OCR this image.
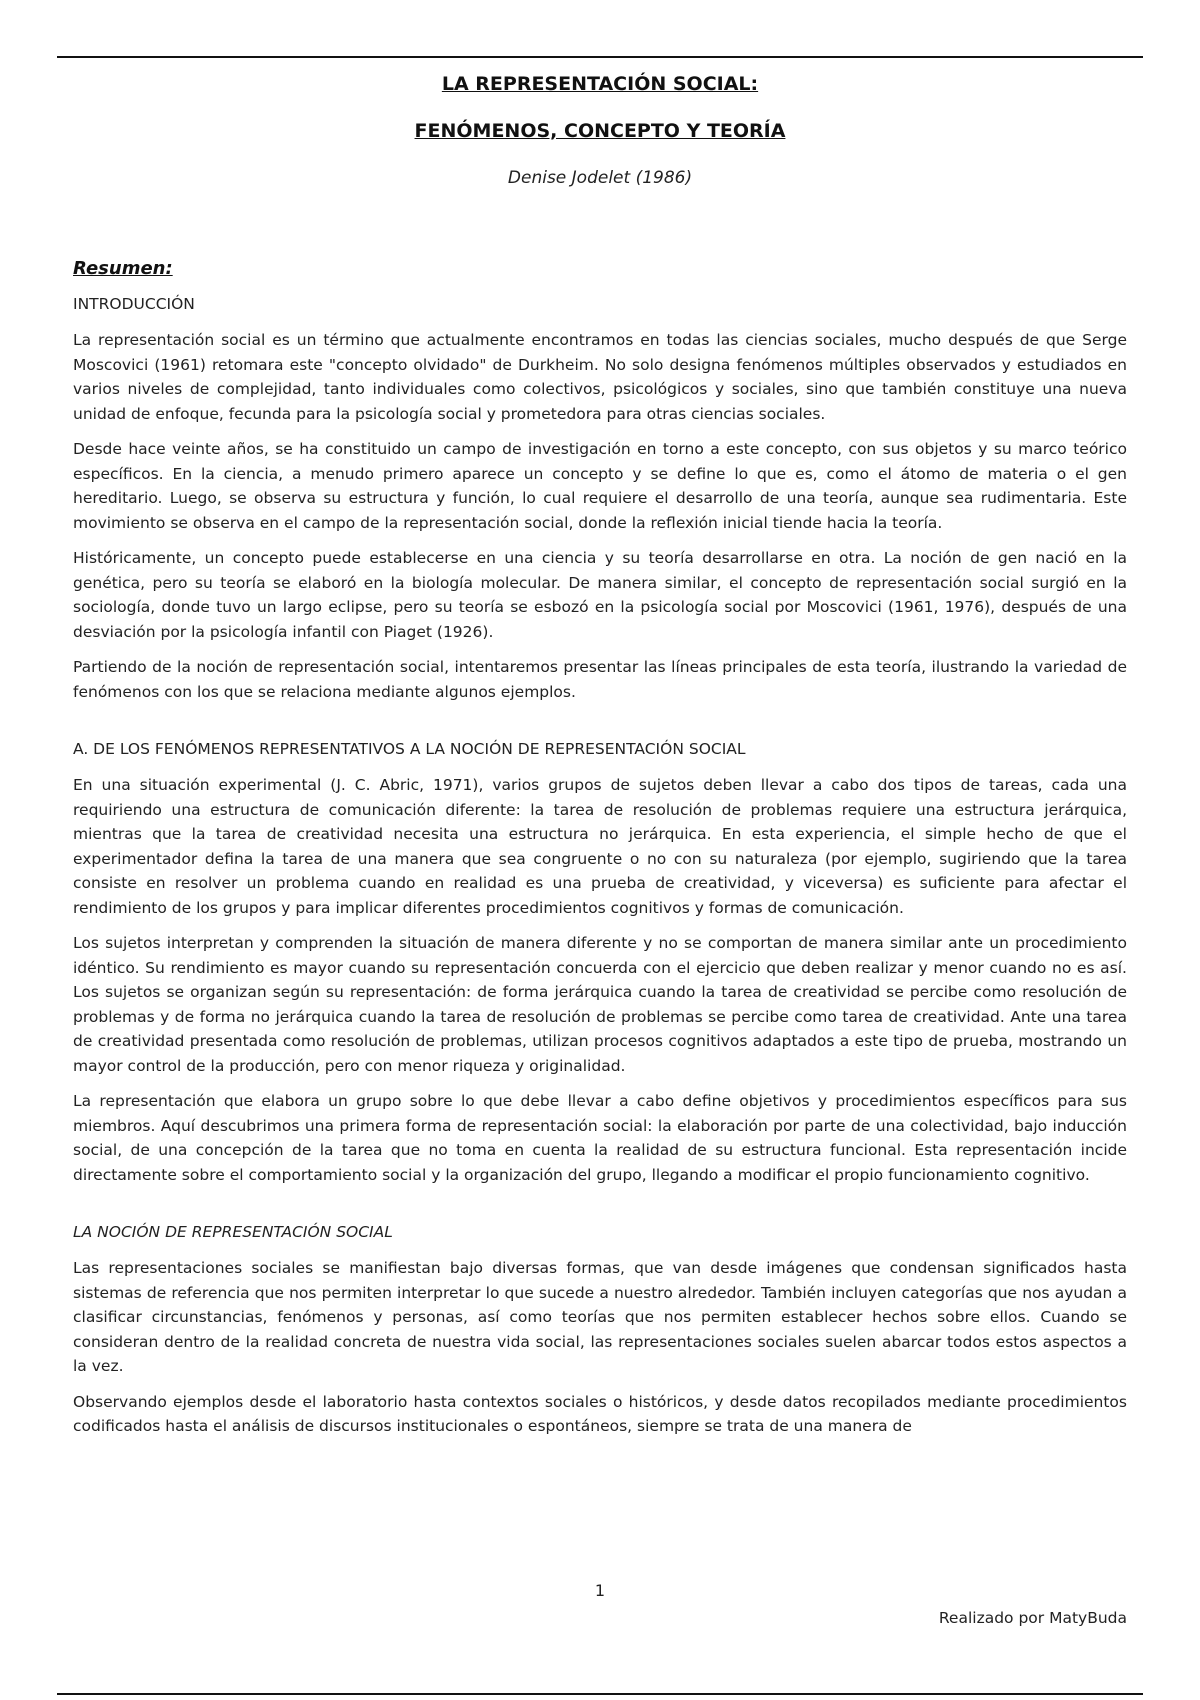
LA REPRESENTACIÓN SOCIAL:
FENÓMENOS, CONCEPTO Y TEORÍA
Denise Jodelet (1986)
Resumen:
INTRODUCCIÓN

La representación social es un término que actualmente encontramos en todas las ciencias sociales, mucho después de que Serge Moscovici (1961) retomara este "concepto olvidado" de Durkheim. No solo designa fenómenos múltiples observados y estudiados en varios niveles de complejidad, tanto individuales como colectivos, psicológicos y sociales, sino que también constituye una nueva unidad de enfoque, fecunda para la psicología social y prometedora para otras ciencias sociales.

Desde hace veinte años, se ha constituido un campo de investigación en torno a este concepto, con sus objetos y su marco teórico específicos. En la ciencia, a menudo primero aparece un concepto y se define lo que es, como el átomo de materia o el gen hereditario. Luego, se observa su estructura y función, lo cual requiere el desarrollo de una teoría, aunque sea rudimentaria. Este movimiento se observa en el campo de la representación social, donde la reflexión inicial tiende hacia la teoría.

Históricamente, un concepto puede establecerse en una ciencia y su teoría desarrollarse en otra. La noción de gen nació en la genética, pero su teoría se elaboró en la biología molecular. De manera similar, el concepto de representación social surgió en la sociología, donde tuvo un largo eclipse, pero su teoría se esbozó en la psicología social por Moscovici (1961, 1976), después de una desviación por la psicología infantil con Piaget (1926).

Partiendo de la noción de representación social, intentaremos presentar las líneas principales de esta teoría, ilustrando la variedad de fenómenos con los que se relaciona mediante algunos ejemplos.

A. DE LOS FENÓMENOS REPRESENTATIVOS A LA NOCIÓN DE REPRESENTACIÓN SOCIAL

En una situación experimental (J. C. Abric, 1971), varios grupos de sujetos deben llevar a cabo dos tipos de tareas, cada una requiriendo una estructura de comunicación diferente: la tarea de resolución de problemas requiere una estructura jerárquica, mientras que la tarea de creatividad necesita una estructura no jerárquica. En esta experiencia, el simple hecho de que el experimentador defina la tarea de una manera que sea congruente o no con su naturaleza (por ejemplo, sugiriendo que la tarea consiste en resolver un problema cuando en realidad es una prueba de creatividad, y viceversa) es suficiente para afectar el rendimiento de los grupos y para implicar diferentes procedimientos cognitivos y formas de comunicación.

Los sujetos interpretan y comprenden la situación de manera diferente y no se comportan de manera similar ante un procedimiento idéntico. Su rendimiento es mayor cuando su representación concuerda con el ejercicio que deben realizar y menor cuando no es así. Los sujetos se organizan según su representación: de forma jerárquica cuando la tarea de creatividad se percibe como resolución de problemas y de forma no jerárquica cuando la tarea de resolución de problemas se percibe como tarea de creatividad. Ante una tarea de creatividad presentada como resolución de problemas, utilizan procesos cognitivos adaptados a este tipo de prueba, mostrando un mayor control de la producción, pero con menor riqueza y originalidad.

La representación que elabora un grupo sobre lo que debe llevar a cabo define objetivos y procedimientos específicos para sus miembros. Aquí descubrimos una primera forma de representación social: la elaboración por parte de una colectividad, bajo inducción social, de una concepción de la tarea que no toma en cuenta la realidad de su estructura funcional. Esta representación incide directamente sobre el comportamiento social y la organización del grupo, llegando a modificar el propio funcionamiento cognitivo.

LA NOCIÓN DE REPRESENTACIÓN SOCIAL

Las representaciones sociales se manifiestan bajo diversas formas, que van desde imágenes que condensan significados hasta sistemas de referencia que nos permiten interpretar lo que sucede a nuestro alrededor. También incluyen categorías que nos ayudan a clasificar circunstancias, fenómenos y personas, así como teorías que nos permiten establecer hechos sobre ellos. Cuando se consideran dentro de la realidad concreta de nuestra vida social, las representaciones sociales suelen abarcar todos estos aspectos a la vez.

Observando ejemplos desde el laboratorio hasta contextos sociales o históricos, y desde datos recopilados mediante procedimientos codificados hasta el análisis de discursos institucionales o espontáneos, siempre se trata de una manera de

1
Realizado por MatyBuda
